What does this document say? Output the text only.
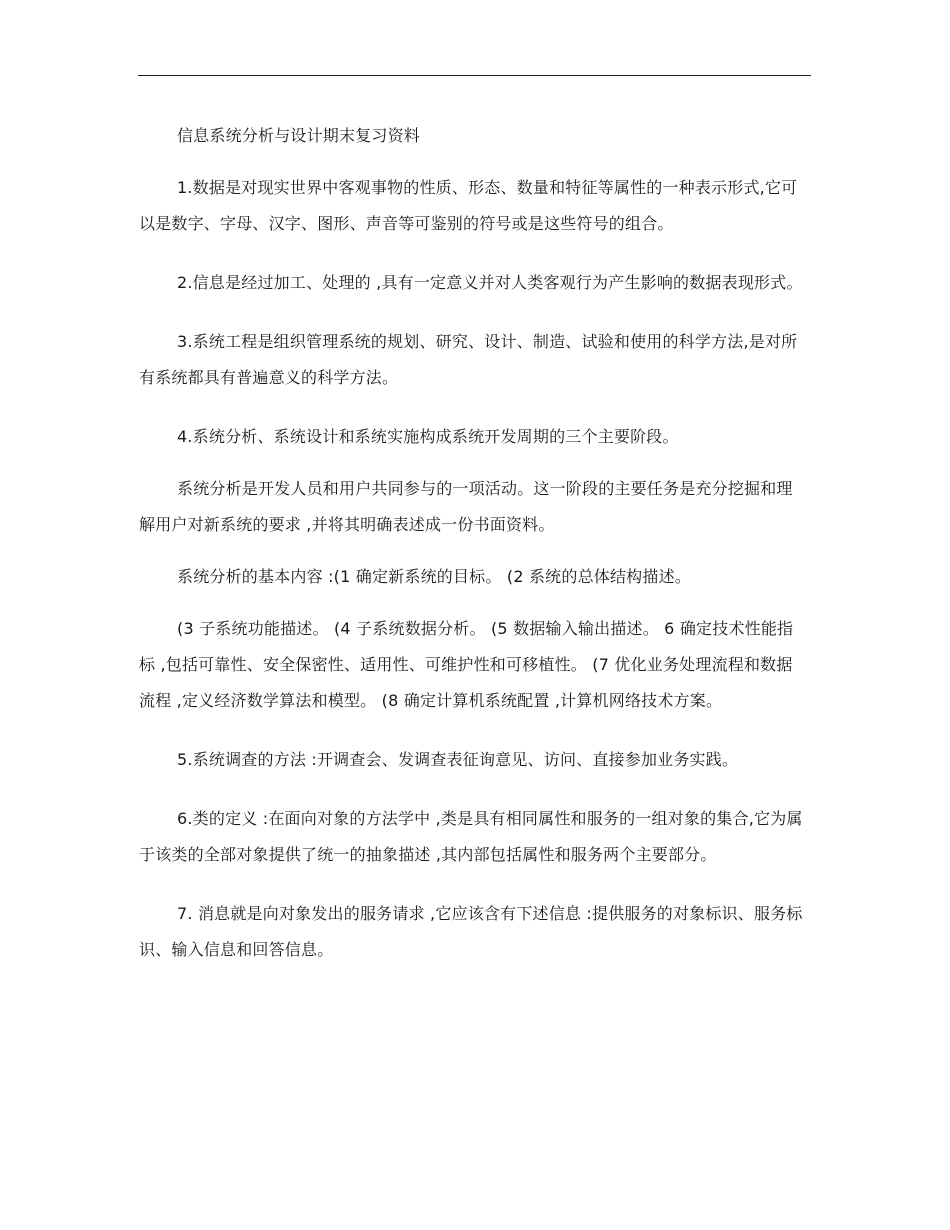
信息系统分析与设计期末复习资料

1.数据是对现实世界中客观事物的性质、形态、数量和特征等属性的一种表示形式,它可以是数字、字母、汉字、图形、声音等可鉴别的符号或是这些符号的组合。

2.信息是经过加工、处理的 ,具有一定意义并对人类客观行为产生影响的数据表现形式。

3.系统工程是组织管理系统的规划、研究、设计、制造、试验和使用的科学方法,是对所有系统都具有普遍意义的科学方法。

4.系统分析、系统设计和系统实施构成系统开发周期的三个主要阶段。

系统分析是开发人员和用户共同参与的一项活动。这一阶段的主要任务是充分挖掘和理解用户对新系统的要求 ,并将其明确表述成一份书面资料。

系统分析的基本内容 :(1 确定新系统的目标。 (2 系统的总体结构描述。

(3 子系统功能描述。 (4 子系统数据分析。 (5 数据输入输出描述。 6 确定技术性能指标 ,包括可靠性、安全保密性、适用性、可维护性和可移植性。 (7 优化业务处理流程和数据流程 ,定义经济数学算法和模型。 (8 确定计算机系统配置 ,计算机网络技术方案。

5.系统调查的方法 :开调查会、发调查表征询意见、访问、直接参加业务实践。

6.类的定义 :在面向对象的方法学中 ,类是具有相同属性和服务的一组对象的集合,它为属于该类的全部对象提供了统一的抽象描述 ,其内部包括属性和服务两个主要部分。

7. 消息就是向对象发出的服务请求 ,它应该含有下述信息 :提供服务的对象标识、服务标识、输入信息和回答信息。
